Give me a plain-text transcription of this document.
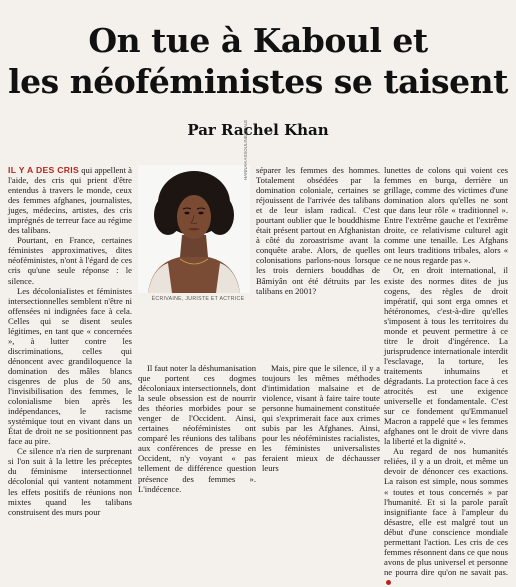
On tue à Kaboul et
les néoféministes se taisent
Par Rachel Khan

IL Y A DES CRIS qui appellent à l'aide, des cris qui prient d'être entendus à travers le monde, ceux des femmes afghanes, journalistes, juges, médecins, artistes, des cris imprégnés de terreur face au régime des talibans.

Pourtant, en France, certaines féministes approximatives, dites néoféministes, n'ont à l'égard de ces cris qu'une seule réponse : le silence.

Les décoloniaIistes et féministes intersectionnelles semblent n'être ni offensées ni indignées face à cela. Celles qui se disent seules légitimes, en tant que « concernées », à lutter contre les discriminations, celles qui dénoncent avec grandiloquence la domination des mâles blancs cisgenres de plus de 50 ans, l'invisibilisation des femmes, le colonialisme bien après les indépendances, le racisme systémique tout en vivant dans un État de droit ne se positionnent pas face au pire.

Ce silence n'a rien de surprenant si l'on suit à la lettre les préceptes du féminisme intersectionnel décolonial qui vantent notamment les effets positifs de réunions non mixtes quand les talibans construisent des murs pour

HANNAH ASSOULINE/OPALE
ÉCRIVAINE, JURISTE ET ACTRICE

séparer les femmes des hommes. Totalement obsédées par la domination coloniale, certaines se réjouissent de l'arrivée des talibans et de leur islam radical. C'est pourtant oublier que le bouddhisme était présent partout en Afghanistan à côté du zoroastrisme avant la conquête arabe. Alors, de quelles colonisations parlons-nous lorsque les trois derniers bouddhas de Bâmiyân ont été détruits par les talibans en 2001?

Il faut noter la déshumanisation que portent ces dogmes décoloniaux intersectionnels, dont la seule obsession est de nourrir des théories morbides pour se venger de l'Occident. Ainsi, certaines néoféministes ont comparé les réunions des talibans aux conférences de presse en Occident, n'y voyant « pas tellement de différence question présence des femmes ». L'indécence.

Mais, pire que le silence, il y a toujours les mêmes méthodes d'intimidation malsaine et de violence, visant à faire taire toute personne humainement constituée qui s'exprimerait face aux crimes subis par les Afghanes. Ainsi, pour les néoféministes racialistes, les féministes universalistes feraient mieux de déchausser leurs

lunettes de colons qui voient ces femmes en burqa, derrière un grillage, comme des victimes d'une domination alors qu'elles ne sont que dans leur rôle « traditionnel ». Entre l'extrême gauche et l'extrême droite, ce relativisme culturel agit comme une tenaille. Les Afghans ont leurs traditions tribales, alors « ce ne nous regarde pas ».

Or, en droit international, il existe des normes dites de jus cogens, des règles de droit impératif, qui sont erga omnes et hétéronomes, c'est-à-dire qu'elles s'imposent à tous les territoires du monde et peuvent permettre à ce titre le droit d'ingérence. La jurisprudence internationale interdit l'esclavage, la torture, les traitements inhumains et dégradants. La protection face à ces atrocités est une exigence universelle et fondamentale. C'est sur ce fondement qu'Emmanuel Macron a rappelé que « les femmes afghanes ont le droit de vivre dans la liberté et la dignité ».

Au regard de nos humanités reliées, il y a un droit, et même un devoir de dénoncer ces exactions. La raison est simple, nous sommes « toutes et tous concernés » par l'humanité. Et si la parole paraît insignifiante face à l'ampleur du désastre, elle est malgré tout un début d'une conscience mondiale permettant l'action. Les cris de ces femmes résonnent dans ce que nous avons de plus universel et personne ne pourra dire qu'on ne savait pas.
